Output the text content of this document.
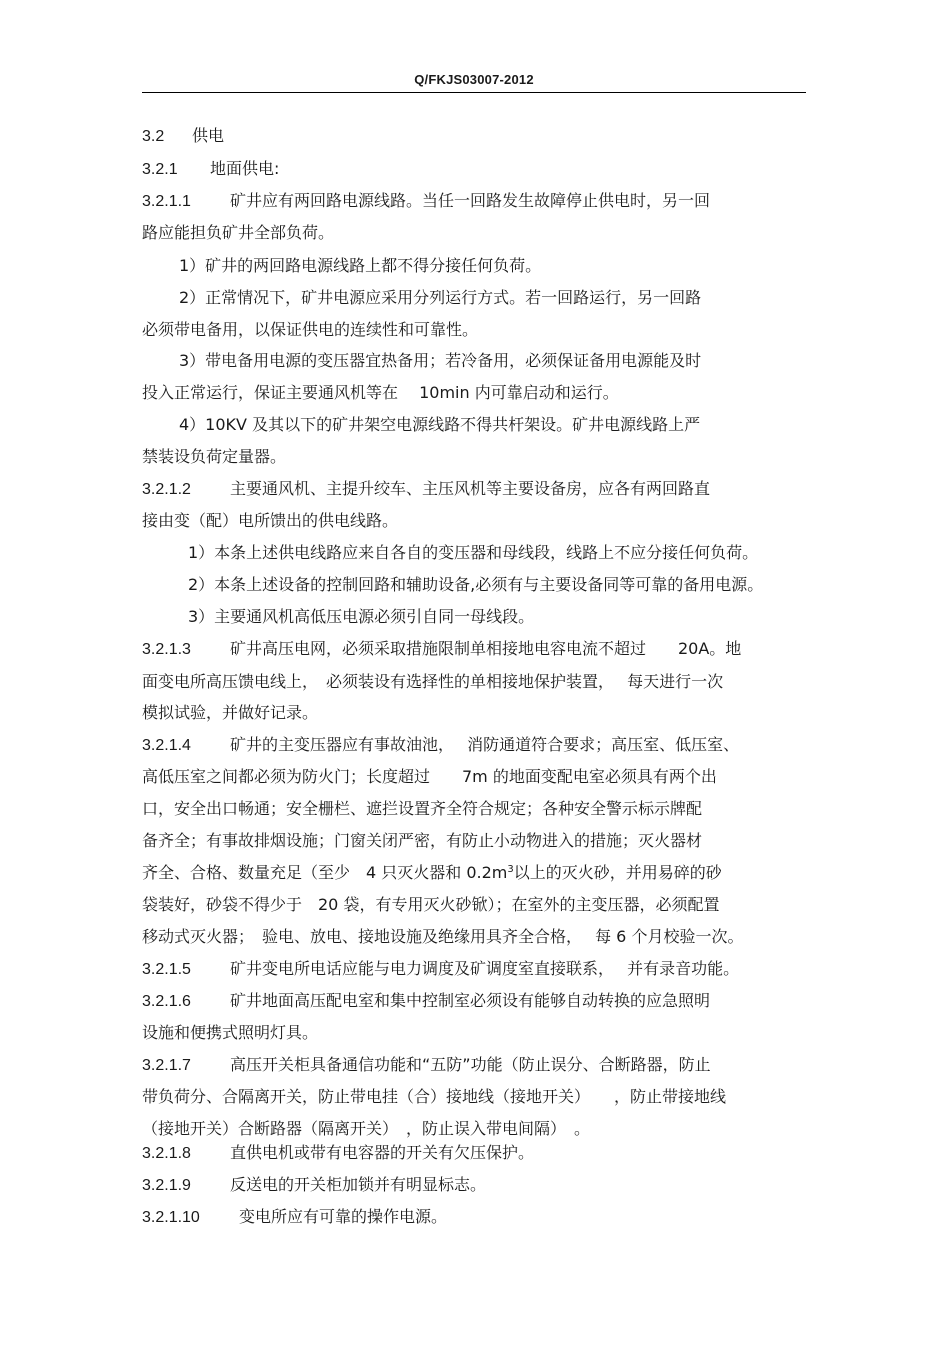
Q/FKJS03007-2012
3.2 供电
3.2.1 地面供电:
3.2.1.1 矿井应有两回路电源线路。当任一回路发生故障停止供电时，另一回
路应能担负矿井全部负荷。
1）矿井的两回路电源线路上都不得分接任何负荷。
2）正常情况下，矿井电源应采用分列运行方式。若一回路运行，另一回路
必须带电备用，以保证供电的连续性和可靠性。
3）带电备用电源的变压器宜热备用；若冷备用，必须保证备用电源能及时
投入正常运行，保证主要通风机等在　 10min 内可靠启动和运行。
4）10KV 及其以下的矿井架空电源线路不得共杆架设。矿井电源线路上严
禁装设负荷定量器。
3.2.1.2 主要通风机、主提升绞车、主压风机等主要设备房，应各有两回路直
接由变（配）电所馈出的供电线路。
1）本条上述供电线路应来自各自的变压器和母线段，线路上不应分接任何负荷。
2）本条上述设备的控制回路和辅助设备,必须有与主要设备同等可靠的备用电源。
3）主要通风机高低压电源必须引自同一母线段。
3.2.1.3 矿井高压电网，必须采取措施限制单相接地电容电流不超过　　20A。地
面变电所高压馈电线上，　必须装设有选择性的单相接地保护装置，　 每天进行一次
模拟试验，并做好记录。
3.2.1.4 矿井的主变压器应有事故油池，　 消防通道符合要求；高压室、低压室、
高低压室之间都必须为防火门；长度超过　　7m 的地面变配电室必须具有两个出
口，安全出口畅通；安全栅栏、遮拦设置齐全符合规定；各种安全警示标示牌配
备齐全；有事故排烟设施；门窗关闭严密，有防止小动物进入的措施；灭火器材
齐全、合格、数量充足（至少　4 只灭火器和 $0.2m^3$以上的灭火砂，并用易碎的砂
袋装好，砂袋不得少于　20 袋，有专用灭火砂锨）；在室外的主变压器，必须配置
移动式灭火器；　验电、放电、接地设施及绝缘用具齐全合格，　 每 6 个月校验一次。
3.2.1.5 矿井变电所电话应能与电力调度及矿调度室直接联系，　 并有录音功能。
3.2.1.6 矿井地面高压配电室和集中控制室必须设有能够自动转换的应急照明
设施和便携式照明灯具。
3.2.1.7 高压开关柜具备通信功能和“五防”功能（防止误分、合断路器，防止
带负荷分、合隔离开关，防止带电挂（合）接地线（接地开关）　　，防止带接地线
（接地开关）合断路器（隔离开关）　，防止误入带电间隔）　。
3.2.1.8 直供电机或带有电容器的开关有欠压保护。
3.2.1.9 反送电的开关柜加锁并有明显标志。
3.2.1.10 变电所应有可靠的操作电源。
